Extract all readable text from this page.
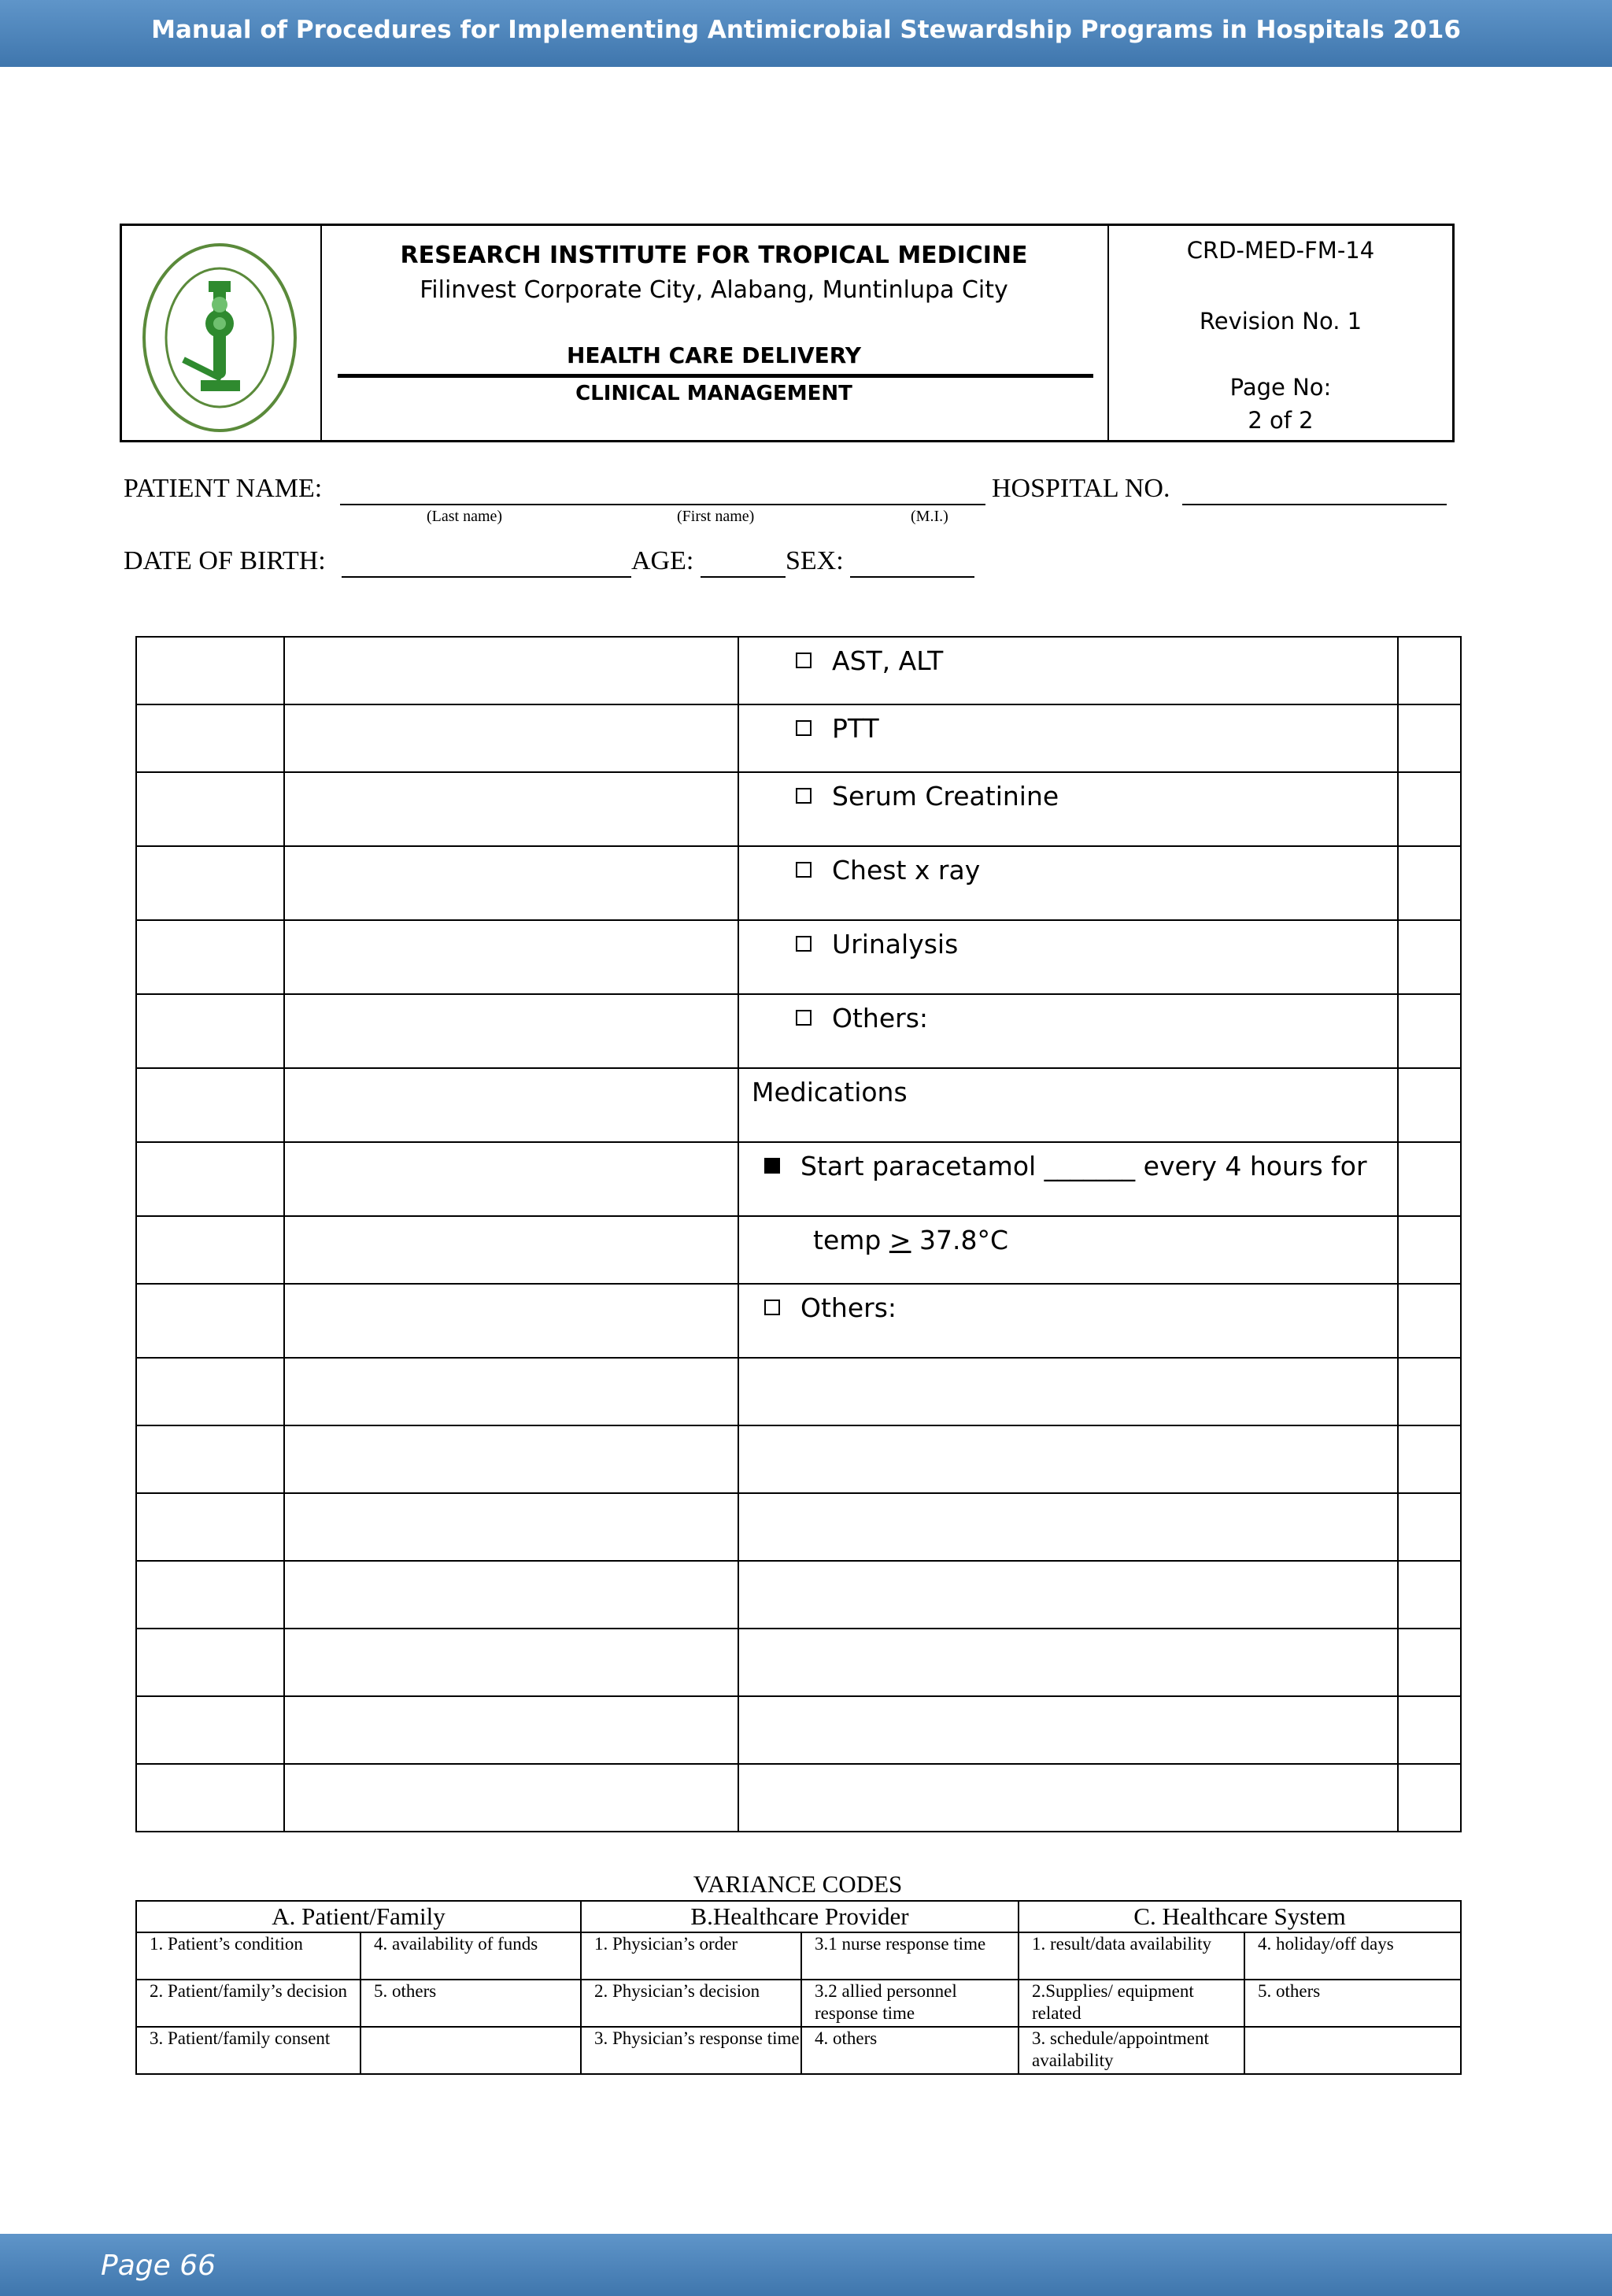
Manual of Procedures for Implementing Antimicrobial Stewardship Programs in Hospitals 2016
RESEARCH INSTITUTE FOR TROPICAL MEDICINE
Filinvest Corporate City, Alabang, Muntinlupa City
HEALTH CARE DELIVERY
CLINICAL MANAGEMENT
CRD-MED-FM-14
Revision No. 1
Page No:
2 of 2
PATIENT NAME:
(Last name)	(First name)	(M.I.)
HOSPITAL NO.
DATE OF BIRTH:	AGE:	SEX:

		AST, ALT	

		PTT	

		Serum Creatinine	

		Chest x ray	

		Urinalysis	

		Others:	

		Medications	

		Start paracetamol _______ every 4 hours for	

		temp > 37.8°C	

		Others:	

VARIANCE CODES
A. Patient/Family		B.Healthcare Provider		C. Healthcare System	
1. Patient’s condition	4. availability of funds	1. Physician’s order	3.1 nurse response time	1. result/data availability	4. holiday/off days
2. Patient/family’s decision	5. others	2. Physician’s decision	3.2 allied personnel response time	2.Supplies/ equipment related	5. others
3. Patient/family consent		3. Physician’s response time	4. others	3. schedule/appointment availability	
Page 66
